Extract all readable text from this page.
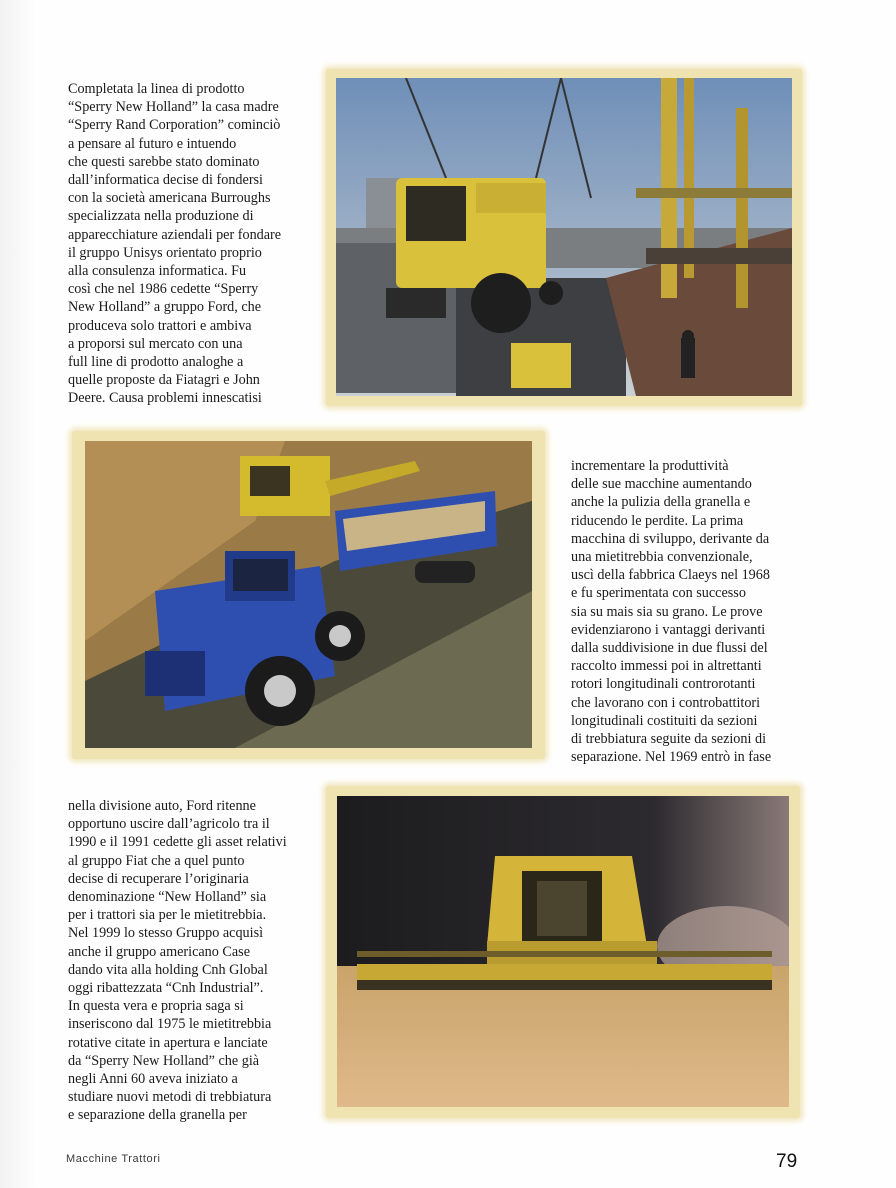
Completata la linea di prodotto
“Sperry New Holland” la casa madre
“Sperry Rand Corporation” cominciò
a pensare al futuro e intuendo
che questi sarebbe stato dominato
dall’informatica decise di fondersi
con la società americana Burroughs
specializzata nella produzione di
apparecchiature aziendali per fondare
il gruppo Unisys orientato proprio
alla consulenza informatica. Fu
così che nel 1986 cedette “Sperry
New Holland” a gruppo Ford, che
produceva solo trattori e ambiva
a proporsi sul mercato con una
full line di prodotto analoghe a
quelle proposte da Fiatagri e John
Deere. Causa problemi innescatisi
incrementare la produttività
delle sue macchine aumentando
anche la pulizia della granella e
riducendo le perdite. La prima
macchina di sviluppo, derivante da
una mietitrebbia convenzionale,
uscì della fabbrica Claeys nel 1968
e fu sperimentata con successo
sia su mais sia su grano. Le prove
evidenziarono i vantaggi derivanti
dalla suddivisione in due flussi del
raccolto immessi poi in altrettanti
rotori longitudinali controrotanti
che lavorano con i controbattitori
longitudinali costituiti da sezioni
di trebbiatura seguite da sezioni di
separazione. Nel 1969 entrò in fase
nella divisione auto, Ford ritenne
opportuno uscire dall’agricolo tra il
1990 e il 1991 cedette gli asset relativi
al gruppo Fiat che a quel punto
decise di recuperare l’originaria
denominazione “New Holland” sia
per i trattori sia per le mietitrebbia.
Nel 1999 lo stesso Gruppo acquisì
anche il gruppo americano Case
dando vita alla holding Cnh Global
oggi ribattezzata “Cnh Industrial”.
In questa vera e propria saga si
inseriscono dal 1975 le mietitrebbia
rotative citate in apertura e lanciate
da “Sperry New Holland” che già
negli Anni 60 aveva iniziato a
studiare nuovi metodi di trebbiatura
e separazione della granella per
Macchine Trattori	79
